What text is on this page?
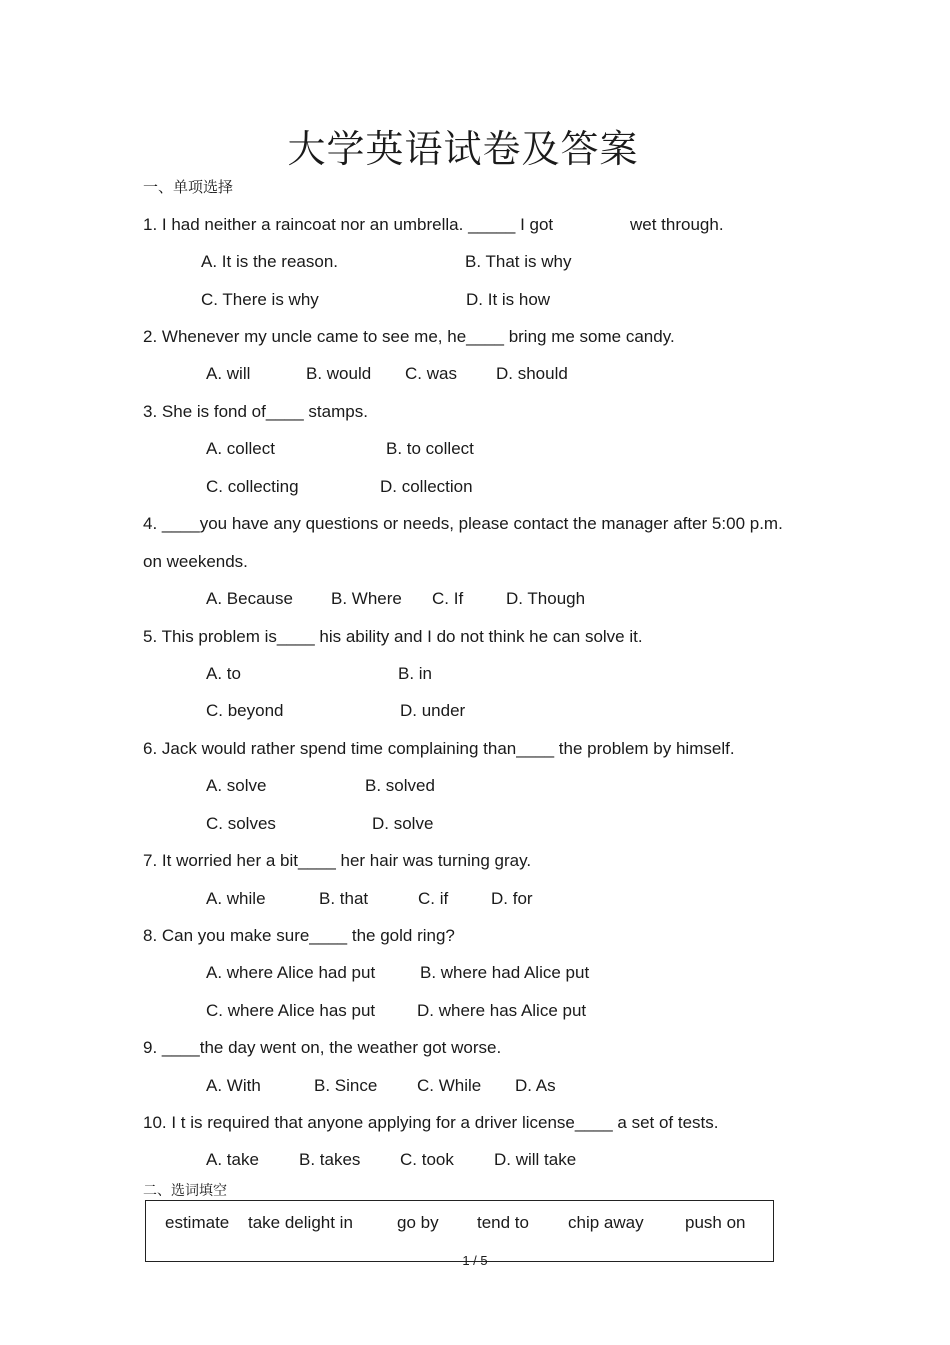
大学英语试卷及答案
一、单项选择
1. I had neither a raincoat nor an umbrella. _____ I got	wet through.
A. It is the reason.	B. That is why
C. There is why	D. It is how
2. Whenever my uncle came to see me, he____ bring me some candy.
A. will	B. would C. was D. should
3. She is fond of____ stamps.
A. collect	B. to collect
C. collecting	D. collection
4. ____you have any questions or needs, please contact the manager after 5:00 p.m.
on weekends.
A. Because B. Where C. If	D. Though
5. This problem is____ his ability and I do not think he can solve it.
A. to	B. in
C. beyond	D. under
6. Jack would rather spend time complaining than____ the problem by himself.
A. solve	B. solved
C. solves	D. solve
7. It worried her a bit____ her hair was turning gray.
A. while	B. that	C. if	D. for
8. Can you make sure____ the gold ring?
A. where Alice had put	B. where had Alice put
C. where Alice has put D. where has Alice put
9. ____the day went on, the weather got worse.
A. With	B. Since C. While D. As
10. I t is required that anyone applying for a driver license____ a set of tests.
A. take B. takes C. took D. will take
二、选词填空
estimate take delight in	go by tend to chip away push on
1 / 5
